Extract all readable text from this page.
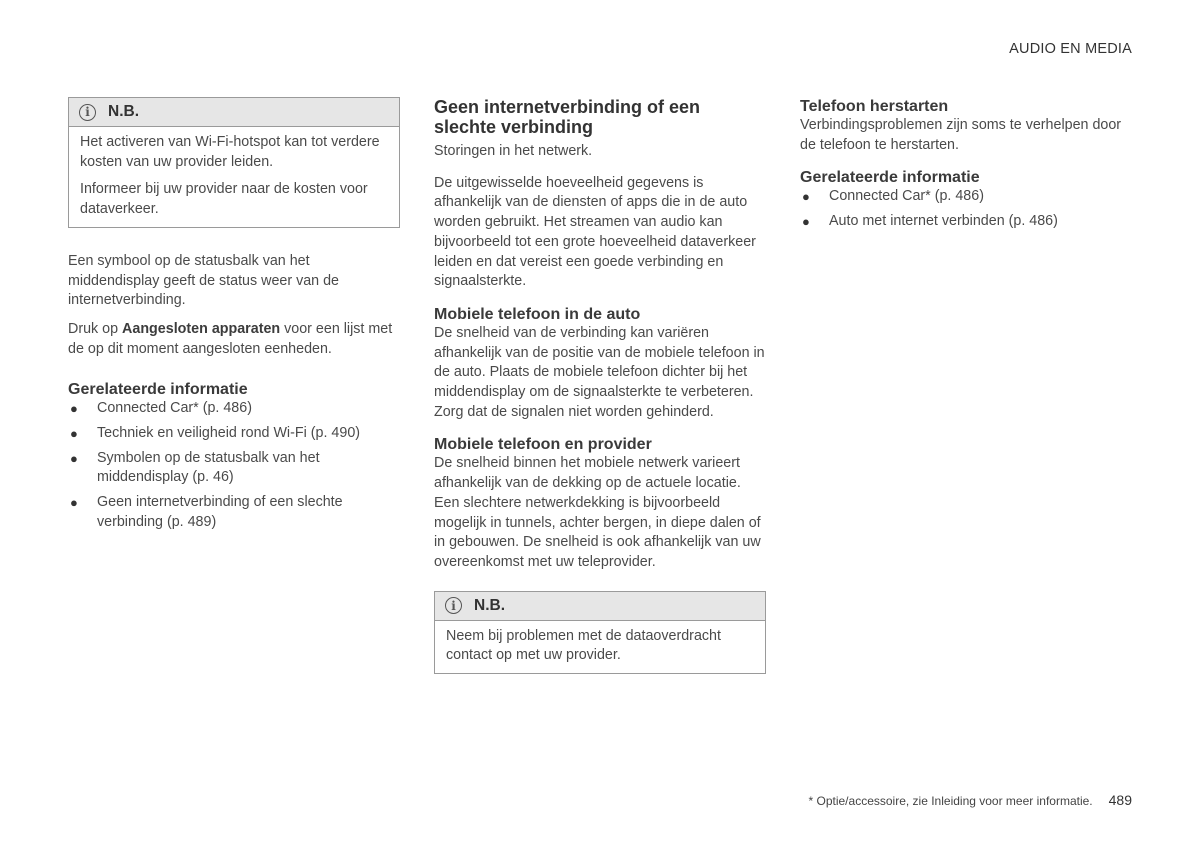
AUDIO EN MEDIA
i	N.B.

Het activeren van Wi-Fi-hotspot kan tot verdere kosten van uw provider leiden.

Informeer bij uw provider naar de kosten voor dataverkeer.

Een symbool op de statusbalk van het middendisplay geeft de status weer van de internetverbinding.

Druk op Aangesloten apparaten voor een lijst met de op dit moment aangesloten eenheden.

Gerelateerde informatie
● Connected Car* (p. 486)
● Techniek en veiligheid rond Wi-Fi (p. 490)
● Symbolen op de statusbalk van het middendisplay (p. 46)
● Geen internetverbinding of een slechte verbinding (p. 489)
Geen internetverbinding of een slechte verbinding

Storingen in het netwerk.

De uitgewisselde hoeveelheid gegevens is afhankelijk van de diensten of apps die in de auto worden gebruikt. Het streamen van audio kan bijvoorbeeld tot een grote hoeveelheid dataverkeer leiden en dat vereist een goede verbinding en signaalsterkte.

Mobiele telefoon in de auto

De snelheid van de verbinding kan variëren afhankelijk van de positie van de mobiele telefoon in de auto. Plaats de mobiele telefoon dichter bij het middendisplay om de signaalsterkte te verbeteren. Zorg dat de signalen niet worden gehinderd.

Mobiele telefoon en provider

De snelheid binnen het mobiele netwerk varieert afhankelijk van de dekking op de actuele locatie. Een slechtere netwerkdekking is bijvoorbeeld mogelijk in tunnels, achter bergen, in diepe dalen of in gebouwen. De snelheid is ook afhankelijk van uw overeenkomst met uw teleprovider.

i	N.B.

Neem bij problemen met de dataoverdracht contact op met uw provider.

Telefoon herstarten

Verbindingsproblemen zijn soms te verhelpen door de telefoon te herstarten.

Gerelateerde informatie
● Connected Car* (p. 486)
● Auto met internet verbinden (p. 486)
* Optie/accessoire, zie Inleiding voor meer informatie. 489
